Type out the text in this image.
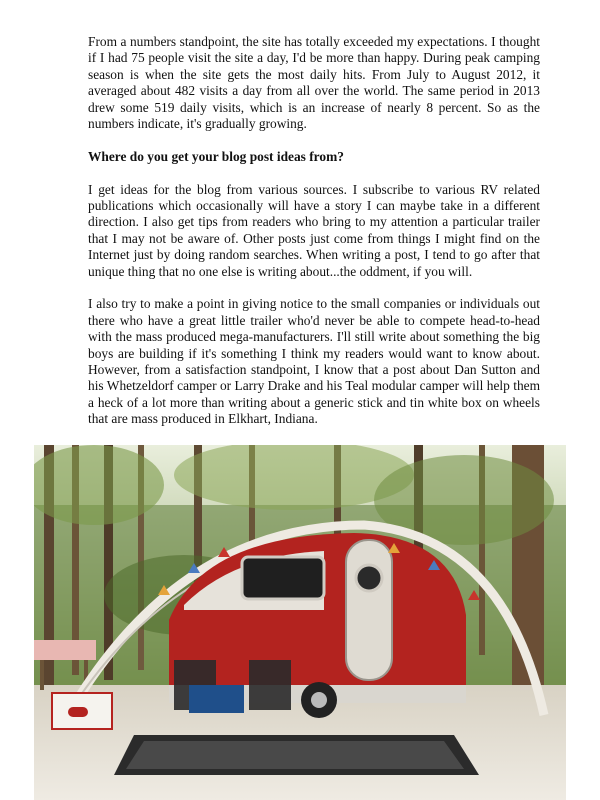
From a numbers standpoint, the site has totally exceeded my expectations. I thought if I had 75 people visit the site a day, I'd be more than happy. During peak camping season is when the site gets the most daily hits. From July to August 2012, it averaged about 482 visits a day from all over the world. The same period in 2013 drew some 519 daily visits, which is an increase of nearly 8 percent. So as the numbers indicate, it's gradually growing.

Where do you get your blog post ideas from?

I get ideas for the blog from various sources. I subscribe to various RV related publications which occasionally will have a story I can maybe take in a different direction. I also get tips from readers who bring to my attention a particular trailer that I may not be aware of. Other posts just come from things I might find on the Internet just by doing random searches. When writing a post, I tend to go after that unique thing that no one else is writing about...the oddment, if you will.

I also try to make a point in giving notice to the small companies or individuals out there who have a great little trailer who'd never be able to compete head-to-head with the mass produced mega-manufacturers. I'll still write about something the big boys are building if it's something I think my readers would want to know about. However, from a satisfaction standpoint, I know that a post about Dan Sutton and his Whetzeldorf camper or Larry Drake and his Teal modular camper will help them a heck of a lot more than writing about a generic stick and tin white box on wheels that are mass produced in Elkhart, Indiana.
